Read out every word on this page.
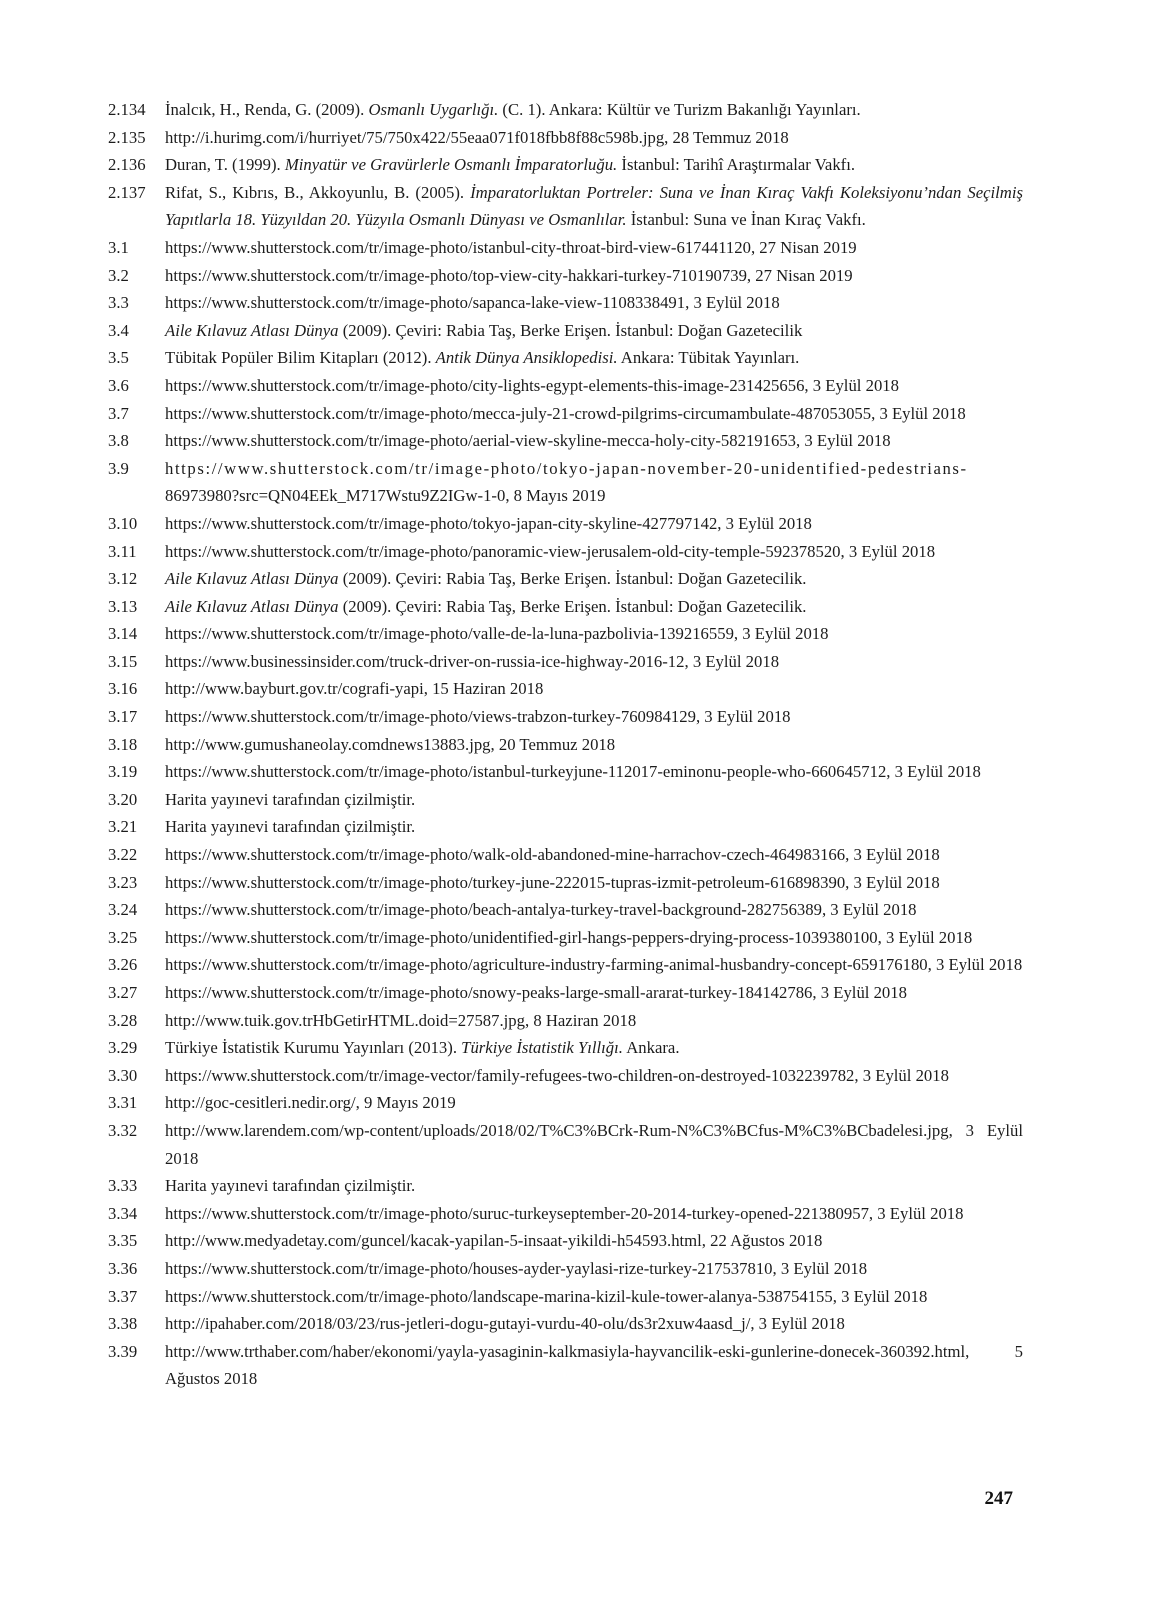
2.134	İnalcık, H., Renda, G. (2009). Osmanlı Uygarlığı. (C. 1). Ankara: Kültür ve Turizm Bakanlığı Yayınları.
2.135	http://i.hurimg.com/i/hurriyet/75/750x422/55eaa071f018fbb8f88c598b.jpg, 28 Temmuz 2018
2.136	Duran, T. (1999). Minyatür ve Gravürlerle Osmanlı İmparatorluğu. İstanbul: Tarihî Araştırmalar Vakfı.
2.137	Rifat, S., Kıbrıs, B., Akkoyunlu, B. (2005). İmparatorluktan Portreler: Suna ve İnan Kıraç Vakfı Koleksiyonu’ndan Seçilmiş Yapıtlarla 18. Yüzyıldan 20. Yüzyıla Osmanlı Dünyası ve Osmanlılar. İstanbul: Suna ve İnan Kıraç Vakfı.
3.1	https://www.shutterstock.com/tr/image-photo/istanbul-city-throat-bird-view-617441120, 27 Nisan 2019
3.2	https://www.shutterstock.com/tr/image-photo/top-view-city-hakkari-turkey-710190739, 27 Nisan 2019
3.3	https://www.shutterstock.com/tr/image-photo/sapanca-lake-view-1108338491, 3 Eylül 2018
3.4	Aile Kılavuz Atlası Dünya (2009). Çeviri: Rabia Taş, Berke Erişen. İstanbul: Doğan Gazetecilik
3.5	Tübitak Popüler Bilim Kitapları (2012). Antik Dünya Ansiklopedisi. Ankara: Tübitak Yayınları.
3.6	https://www.shutterstock.com/tr/image-photo/city-lights-egypt-elements-this-image-231425656, 3 Eylül 2018
3.7	https://www.shutterstock.com/tr/image-photo/mecca-july-21-crowd-pilgrims-circumambulate-487053055, 3 Eylül 2018
3.8	https://www.shutterstock.com/tr/image-photo/aerial-view-skyline-mecca-holy-city-582191653, 3 Eylül 2018
3.9	https://www.shutterstock.com/tr/image-photo/tokyo-japan-november-20-unidentified-pedestrians-86973980?src=QN04EEk_M717Wstu9Z2IGw-1-0, 8 Mayıs 2019
3.10	https://www.shutterstock.com/tr/image-photo/tokyo-japan-city-skyline-427797142, 3 Eylül 2018
3.11	https://www.shutterstock.com/tr/image-photo/panoramic-view-jerusalem-old-city-temple-592378520, 3 Eylül 2018
3.12	Aile Kılavuz Atlası Dünya (2009). Çeviri: Rabia Taş, Berke Erişen. İstanbul: Doğan Gazetecilik.
3.13	Aile Kılavuz Atlası Dünya (2009). Çeviri: Rabia Taş, Berke Erişen. İstanbul: Doğan Gazetecilik.
3.14	https://www.shutterstock.com/tr/image-photo/valle-de-la-luna-pazbolivia-139216559, 3 Eylül 2018
3.15	https://www.businessinsider.com/truck-driver-on-russia-ice-highway-2016-12, 3 Eylül 2018
3.16	http://www.bayburt.gov.tr/cografi-yapi, 15 Haziran 2018
3.17	https://www.shutterstock.com/tr/image-photo/views-trabzon-turkey-760984129, 3 Eylül 2018
3.18	http://www.gumushaneolay.comdnews13883.jpg, 20 Temmuz 2018
3.19	https://www.shutterstock.com/tr/image-photo/istanbul-turkeyjune-112017-eminonu-people-who-660645712, 3 Eylül 2018
3.20	Harita yayınevi tarafından çizilmiştir.
3.21	Harita yayınevi tarafından çizilmiştir.
3.22	https://www.shutterstock.com/tr/image-photo/walk-old-abandoned-mine-harrachov-czech-464983166, 3 Eylül 2018
3.23	https://www.shutterstock.com/tr/image-photo/turkey-june-222015-tupras-izmit-petroleum-616898390, 3 Eylül 2018
3.24	https://www.shutterstock.com/tr/image-photo/beach-antalya-turkey-travel-background-282756389, 3 Eylül 2018
3.25	https://www.shutterstock.com/tr/image-photo/unidentified-girl-hangs-peppers-drying-process-1039380100, 3 Eylül 2018
3.26	https://www.shutterstock.com/tr/image-photo/agriculture-industry-farming-animal-husbandry-concept-659176180, 3 Eylül 2018
3.27	https://www.shutterstock.com/tr/image-photo/snowy-peaks-large-small-ararat-turkey-184142786, 3 Eylül 2018
3.28	http://www.tuik.gov.trHbGetirHTML.doid=27587.jpg, 8 Haziran 2018
3.29	Türkiye İstatistik Kurumu Yayınları (2013). Türkiye İstatistik Yıllığı. Ankara.
3.30	https://www.shutterstock.com/tr/image-vector/family-refugees-two-children-on-destroyed-1032239782, 3 Eylül 2018
3.31	http://goc-cesitleri.nedir.org/, 9 Mayıs 2019
3.32	http://www.larendem.com/wp-content/uploads/2018/02/T%C3%BCrk-Rum-N%C3%BCfus-M%C3%BCbadelesi.jpg, 3 Eylül 2018
3.33	Harita yayınevi tarafından çizilmiştir.
3.34	https://www.shutterstock.com/tr/image-photo/suruc-turkeyseptember-20-2014-turkey-opened-221380957, 3 Eylül 2018
3.35	http://www.medyadetay.com/guncel/kacak-yapilan-5-insaat-yikildi-h54593.html, 22 Ağustos 2018
3.36	https://www.shutterstock.com/tr/image-photo/houses-ayder-yaylasi-rize-turkey-217537810, 3 Eylül 2018
3.37	https://www.shutterstock.com/tr/image-photo/landscape-marina-kizil-kule-tower-alanya-538754155, 3 Eylül 2018
3.38	http://ipahaber.com/2018/03/23/rus-jetleri-dogu-gutayi-vurdu-40-olu/ds3r2xuw4aasd_j/, 3 Eylül 2018
3.39	http://www.trthaber.com/haber/ekonomi/yayla-yasaginin-kalkmasiyla-hayvancilik-eski-gunlerine-donecek-360392.html, 5 Ağustos 2018
247
